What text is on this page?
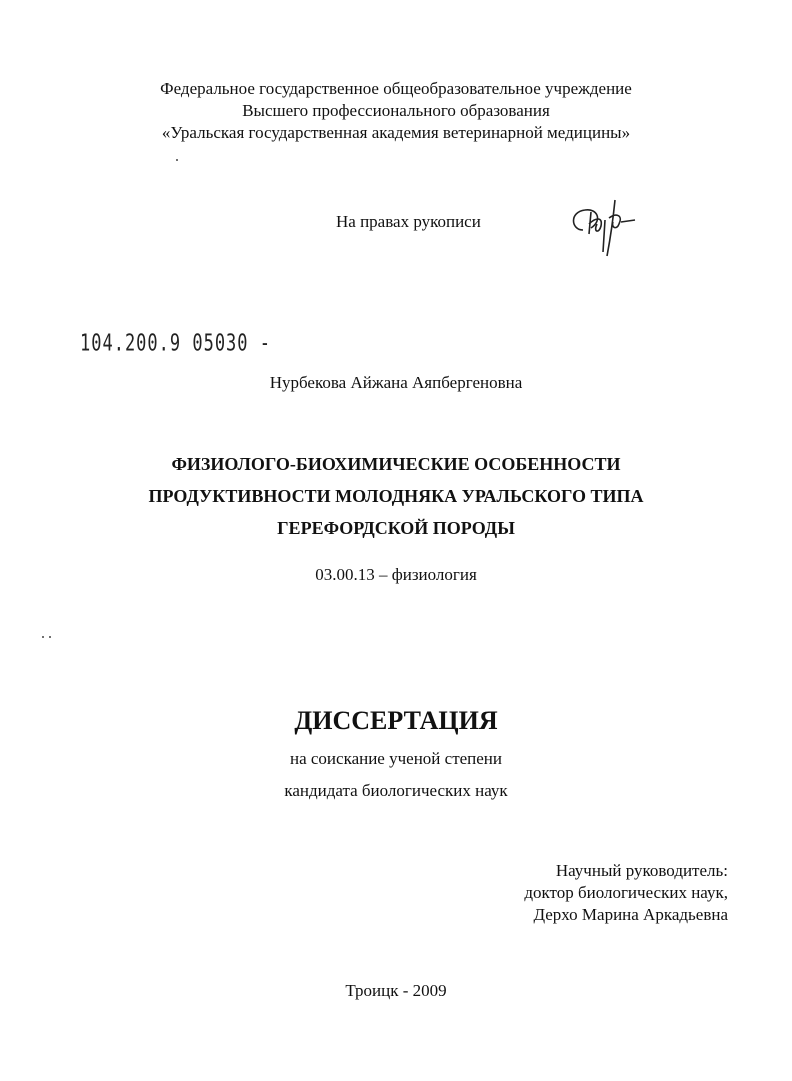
Федеральное государственное общеобразовательное учреждение
Высшего профессионального образования
«Уральская государственная академия ветеринарной медицины»
На правах рукописи
104.200.9 05030 -
Нурбекова Айжана Аяпбергеновна
ФИЗИОЛОГО-БИОХИМИЧЕСКИЕ ОСОБЕННОСТИ
ПРОДУКТИВНОСТИ МОЛОДНЯКА УРАЛЬСКОГО ТИПА
ГЕРЕФОРДСКОЙ ПОРОДЫ
03.00.13 – физиология
ДИССЕРТАЦИЯ
на соискание ученой степени
кандидата биологических наук
Научный руководитель:
доктор биологических наук,
Дерхо Марина Аркадьевна
Троицк - 2009
